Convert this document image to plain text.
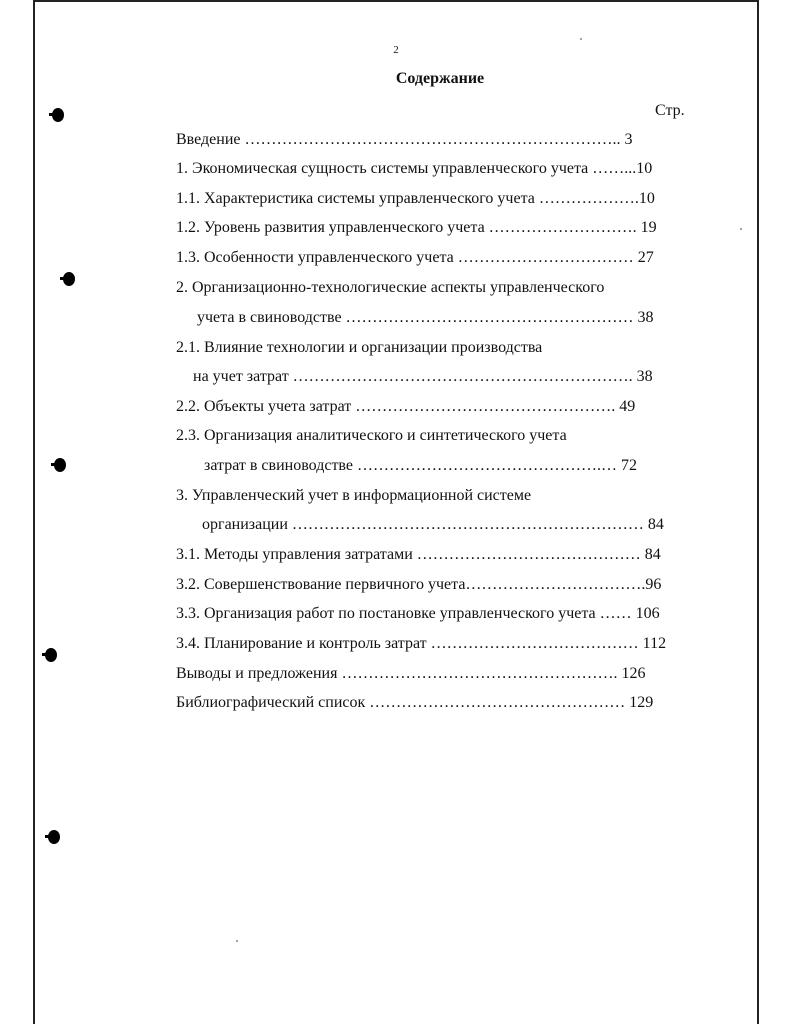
2
Содержание
Стр.
Введение …………………………………………………………….. 3
1. Экономическая сущность системы управленческого учета ……...10
1.1. Характеристика системы управленческого учета ……………….10
1.2. Уровень развития управленческого учета ………………………. 19
1.3. Особенности управленческого учета …………………………… 27
2. Организационно-технологические аспекты управленческого
учета в свиноводстве ……………………………………………… 38
2.1. Влияние технологии и организации производства
на учет затрат ………………………………………………………. 38
2.2. Объекты учета затрат …………………………………………. 49
2.3. Организация аналитического и синтетического учета
затрат в свиноводстве ……………………………………….… 72
3. Управленческий учет в информационной системе
организации ………………………………………………………… 84
3.1. Методы управления затратами …………………………………… 84
3.2. Совершенствование первичного учета…………………………….96
3.3. Организация работ по постановке управленческого учета …… 106
3.4. Планирование и контроль затрат ………………………………… 112
Выводы и предложения ……………………………………………. 126
Библиографический список ………………………………………… 129
